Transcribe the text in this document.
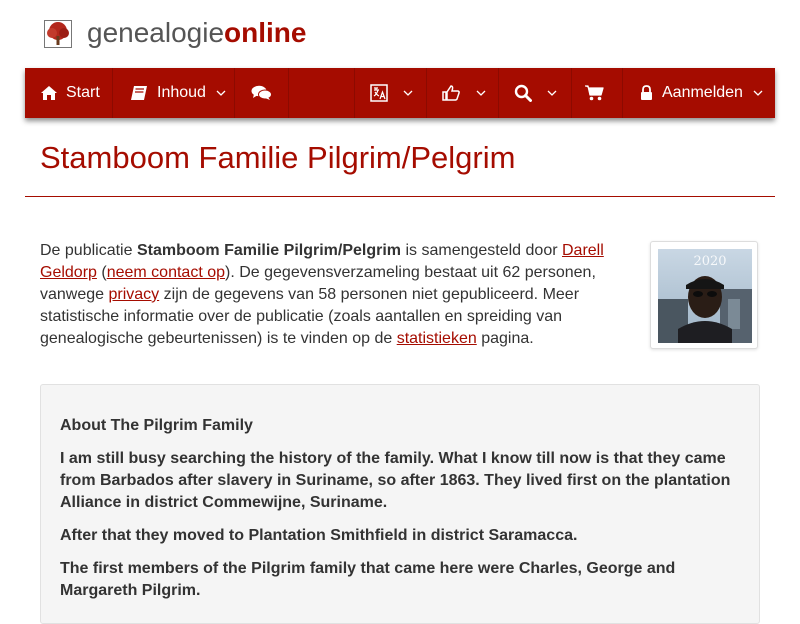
genealogieonline
Start	Inhoud	Aanmelden
Stamboom Familie Pilgrim/Pelgrim

De publicatie Stamboom Familie Pilgrim/Pelgrim is samengesteld door Darell Geldorp (neem contact op). De gegevensverzameling bestaat uit 62 personen, vanwege privacy zijn de gegevens van 58 personen niet gepubliceerd. Meer statistische informatie over de publicatie (zoals aantallen en spreiding van genealogische gebeurtenissen) is te vinden op de statistieken pagina.

2020
About The Pilgrim Family

I am still busy searching the history of the family. What I know till now is that they came from Barbados after slavery in Suriname, so after 1863. They lived first on the plantation Alliance in district Commewijne, Suriname.

After that they moved to Plantation Smithfield in district Saramacca.

The first members of the Pilgrim family that came here were Charles, George and Margareth Pilgrim.
